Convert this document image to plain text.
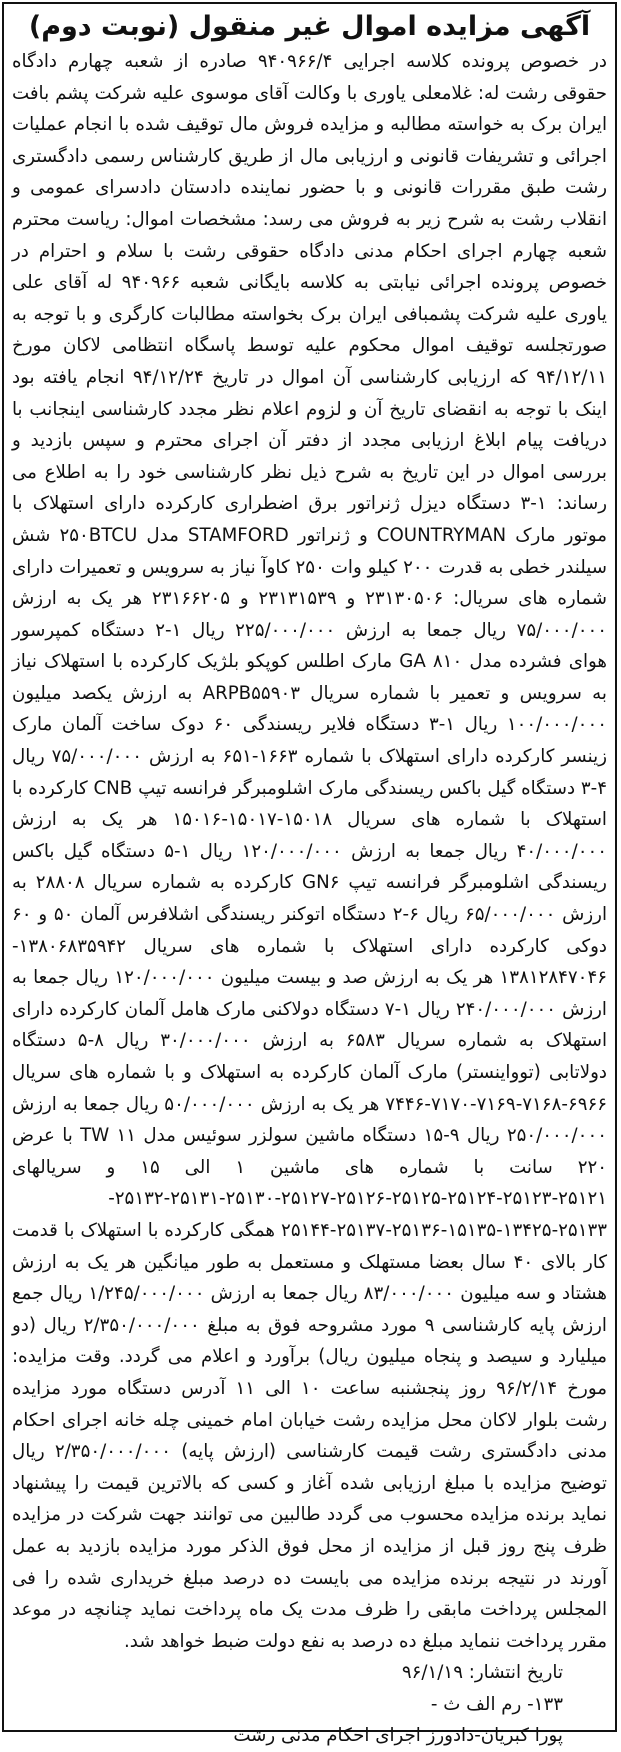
آگهی مزایده اموال غیر منقول (نوبت دوم)

در خصوص پرونده کلاسه اجرایی ۹۴۰۹۶۶/۴ صادره از شعبه چهارم دادگاه حقوقی رشت له: غلامعلی یاوری با وکالت آقای موسوی علیه شرکت پشم بافت ایران برک به خواسته مطالبه و مزایده فروش مال توقیف شده با انجام عملیات اجرائی و تشریفات قانونی و ارزیابی مال از طریق کارشناس رسمی دادگستری رشت طبق مقررات قانونی و با حضور نماینده دادستان دادسرای عمومی و انقلاب رشت به شرح زیر به فروش می رسد: مشخصات اموال: ریاست محترم شعبه چهارم اجرای احکام مدنی دادگاه حقوقی رشت با سلام و احترام در خصوص پرونده اجرائی نیابتی به کلاسه بایگانی شعبه ۹۴۰۹۶۶ له آقای علی یاوری علیه شرکت پشمبافی ایران برک بخواسته مطالبات کارگری و با توجه به صورتجلسه توقیف اموال محکوم علیه توسط پاسگاه انتظامی لاکان مورخ ۹۴/۱۲/۱۱ که ارزیابی کارشناسی آن اموال در تاریخ ۹۴/۱۲/۲۴ انجام یافته بود اینک با توجه به انقضای تاریخ آن و لزوم اعلام نظر مجدد کارشناسی اینجانب با دریافت پیام ابلاغ ارزیابی مجدد از دفتر آن اجرای محترم و سپس بازدید و بررسی اموال در این تاریخ به شرح ذیل نظر کارشناسی خود را به اطلاع می رساند: ۱-۳ دستگاه دیزل ژنراتور برق اضطراری کارکرده دارای استهلاک با موتور مارک COUNTRYMAN و ژنراتور STAMFORD مدل ۲۵۰BTCU شش سیلندر خطی به قدرت ۲۰۰ کیلو وات ۲۵۰ کاوآ نیاز به سرویس و تعمیرات دارای شماره های سریال: ۲۳۱۳۰۵۰۶ و ۲۳۱۳۱۵۳۹ و ۲۳۱۶۶۲۰۵ هر یک به ارزش ۷۵/۰۰۰/۰۰۰ ریال جمعا به ارزش ۲۲۵/۰۰۰/۰۰۰ ریال ۱-۲ دستگاه کمپرسور هوای فشرده مدل GA ۸۱۰ مارک اطلس کوپکو بلژیک کارکرده با استهلاک نیاز به سرویس و تعمیر با شماره سریال ARPB۵۵۹۰۳ به ارزش یکصد میلیون ۱۰۰/۰۰۰/۰۰۰ ریال ۱-۳ دستگاه فلایر ریسندگی ۶۰ دوک ساخت آلمان مارک زینسر کارکرده دارای استهلاک با شماره ۱۶۶۳-۶۵۱ به ارزش ۷۵/۰۰۰/۰۰۰ ریال ۴-۳ دستگاه گیل باکس ریسندگی مارک اشلومبرگر فرانسه تیپ CNB کارکرده با استهلاک با شماره های سریال ۱۵۰۱۸-۱۵۰۱۷-۱۵۰۱۶ هر یک به ارزش ۴۰/۰۰۰/۰۰۰ ریال جمعا به ارزش ۱۲۰/۰۰۰/۰۰۰ ریال ۱-۵ دستگاه گیل باکس ریسندگی اشلومبرگر فرانسه تیپ GN۶ کارکرده به شماره سریال ۲۸۸۰۸ به ارزش ۶۵/۰۰۰/۰۰۰ ریال ۶-۲ دستگاه اتوکنر ریسندگی اشلافرس آلمان ۵۰ و ۶۰ دوکی کارکرده دارای استهلاک با شماره های سریال ۱۳۸۰۶۸۳۵۹۴۲- ۱۳۸۱۲۸۴۷۰۴۶ هر یک به ارزش صد و بیست میلیون ۱۲۰/۰۰۰/۰۰۰ ریال جمعا به ارزش ۲۴۰/۰۰۰/۰۰۰ ریال ۱-۷ دستگاه دولاکنی مارک هامل آلمان کارکرده دارای استهلاک به شماره سریال ۶۵۸۳ به ارزش ۳۰/۰۰۰/۰۰۰ ریال ۸-۵ دستگاه دولاتابی (توواینستر) مارک آلمان کارکرده به استهلاک و با شماره های سریال ۶۹۶۶-۷۱۶۸-۷۱۶۹-۷۱۷۰-۷۴۴۶ هر یک به ارزش ۵۰/۰۰۰/۰۰۰ ریال جمعا به ارزش ۲۵۰/۰۰۰/۰۰۰ ریال ۹-۱۵ دستگاه ماشین سولزر سوئیس مدل TW ۱۱ با عرض ۲۲۰ سانت با شماره های ماشین ۱ الی ۱۵ و سریالهای ۲۵۱۲۱-۲۵۱۲۳-۲۵۱۲۴-۲۵۱۲۵-۲۵۱۲۶-۲۵۱۲۷-۲۵۱۳۰-۲۵۱۳۱-۲۵۱۳۲- ۲۵۱۳۳-۱۳۴۲۵-۱۵۱۳۵-۲۵۱۳۶-۲۵۱۳۷-۲۵۱۴۴ همگی کارکرده با استهلاک با قدمت کار بالای ۴۰ سال بعضا مستهلک و مستعمل به طور میانگین هر یک به ارزش هشتاد و سه میلیون ۸۳/۰۰۰/۰۰۰ ریال جمعا به ارزش ۱/۲۴۵/۰۰۰/۰۰۰ ریال جمع ارزش پایه کارشناسی ۹ مورد مشروحه فوق به مبلغ ۲/۳۵۰/۰۰۰/۰۰۰ ریال (دو میلیارد و سیصد و پنجاه میلیون ریال) برآورد و اعلام می گردد. وقت مزایده: مورخ ۹۶/۲/۱۴ روز پنجشنبه ساعت ۱۰ الی ۱۱ آدرس دستگاه مورد مزایده رشت بلوار لاکان محل مزایده رشت خیابان امام خمینی چله خانه اجرای احکام مدنی دادگستری رشت قیمت کارشناسی (ارزش پایه) ۲/۳۵۰/۰۰۰/۰۰۰ ریال توضیح مزایده با مبلغ ارزیابی شده آغاز و کسی که بالاترین قیمت را پیشنهاد نماید برنده مزایده محسوب می گردد طالبین می توانند جهت شرکت در مزایده ظرف پنج روز قبل از مزایده از محل فوق الذکر مورد مزایده بازدید به عمل آورند در نتیجه برنده مزایده می بایست ده درصد مبلغ خریداری شده را فی المجلس پرداخت مابقی را ظرف مدت یک ماه پرداخت نماید چنانچه در موعد مقرر پرداخت ننماید مبلغ ده درصد به نفع دولت ضبط خواهد شد.

تاریخ انتشار: ۹۶/۱/۱۹
۱۳۳- رم الف ث -
پورا کبریان-دادورز اجرای احکام مدنی رشت
